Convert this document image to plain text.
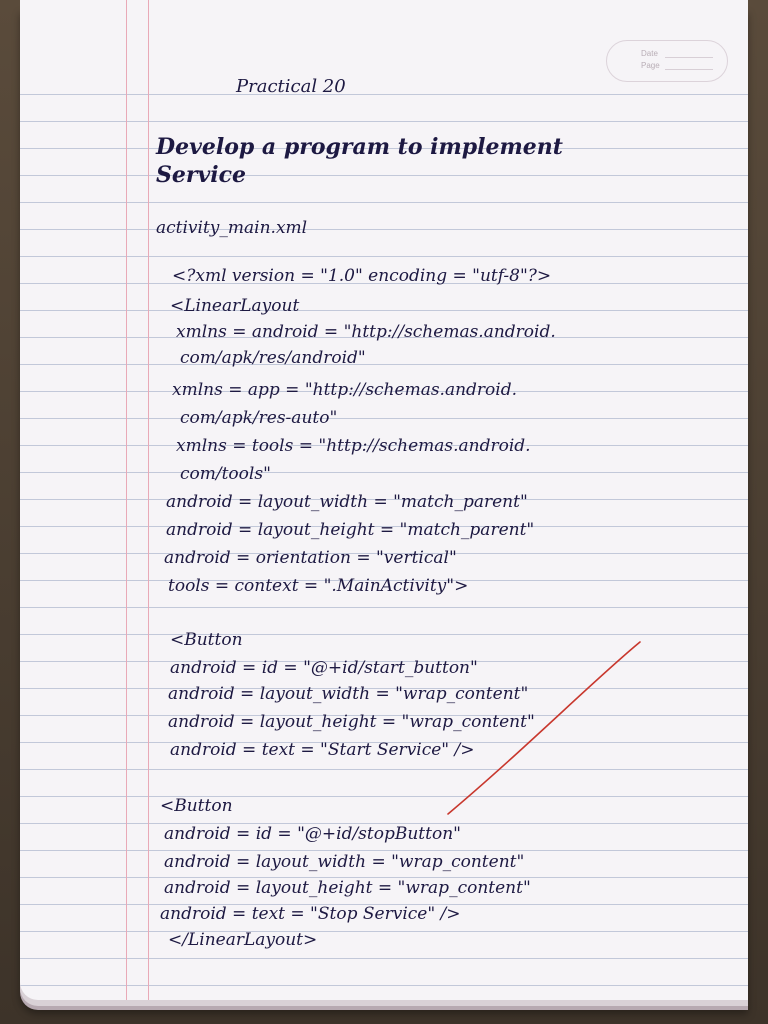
Date
Page
Practical 20
Develop a program to implement
Service
activity_main.xml
<?xml version = "1.0" encoding = "utf-8"?>
<LinearLayout
xmlns = android = "http://schemas.android.
com/apk/res/android"
xmlns = app = "http://schemas.android.
com/apk/res-auto"
xmlns = tools = "http://schemas.android.
com/tools"
android = layout_width = "match_parent"
android = layout_height = "match_parent"
android = orientation = "vertical"
tools = context = ".MainActivity">
<Button
android = id = "@+id/start_button"
android = layout_width = "wrap_content"
android = layout_height = "wrap_content"
android = text = "Start Service" />
<Button
android = id = "@+id/stopButton"
android = layout_width = "wrap_content"
android = layout_height = "wrap_content"
android = text = "Stop Service" />
</LinearLayout>
